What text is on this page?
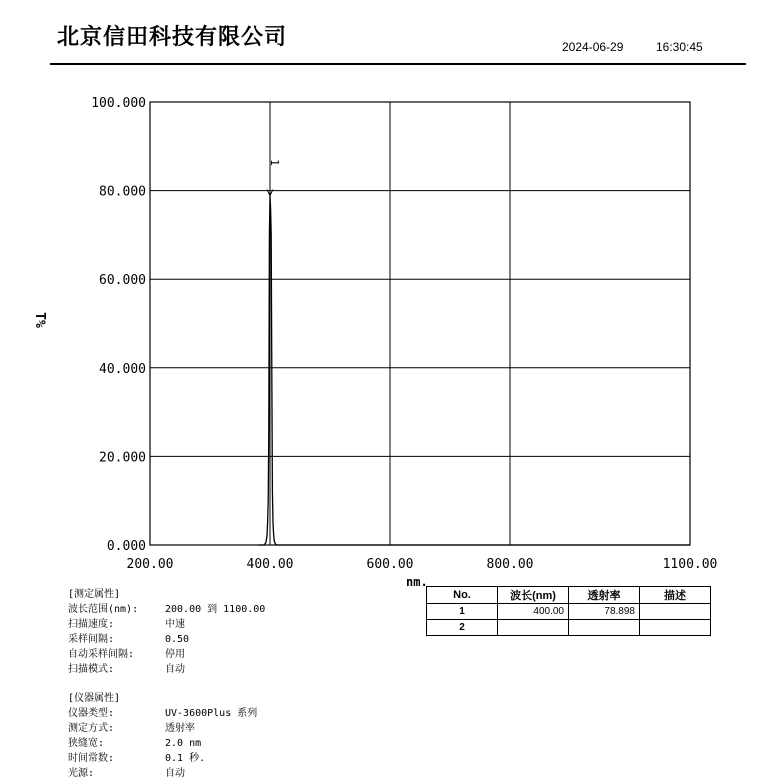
北京信田科技有限公司	2024-06-29	16:30:45
0.000
20.000
40.000
60.000
80.000
100.000
200.00	400.00	600.00	800.00	1100.00
T%
nm.
1
[测定属性]
波长范围(nm):	200.00 到 1100.00
扫描速度:	中速
采样间隔:	0.50
自动采样间隔:	停用
扫描模式:	自动
[仪器属性]
仪器类型:	UV-3600Plus 系列
测定方式:	透射率
狭缝宽:	2.0 nm
时间常数:	0.1 秒.
光源:	自动
No.	波长(nm)	透射率	描述
1	400.00	78.898	
2			
